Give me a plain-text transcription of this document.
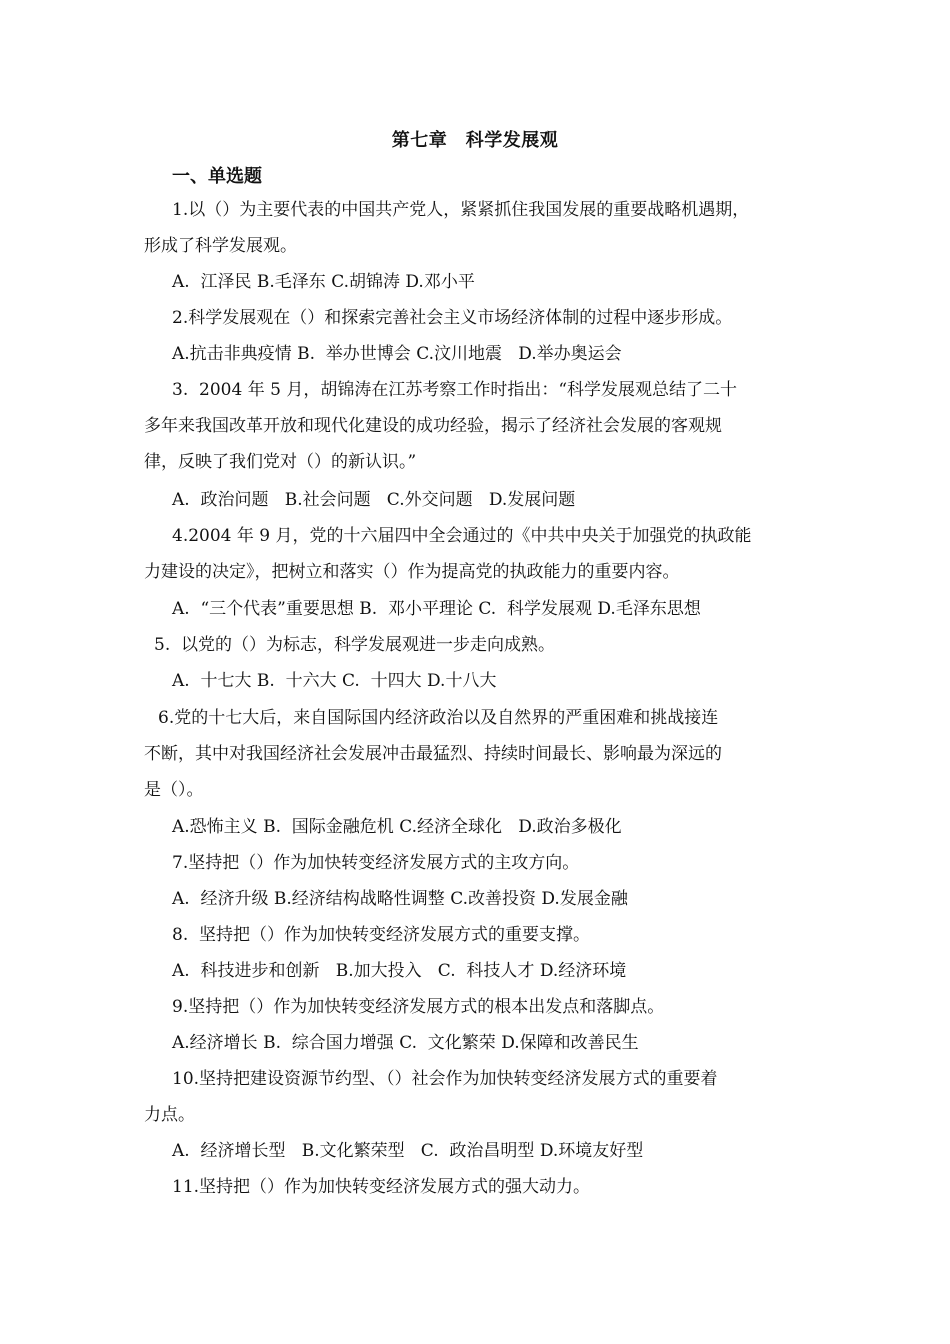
第七章　科学发展观
一、单选题
1.以（）为主要代表的中国共产党人，紧紧抓住我国发展的重要战略机遇期，
形成了科学发展观。
A.  江泽民 B.毛泽东 C.胡锦涛 D.邓小平
2.科学发展观在（）和探索完善社会主义市场经济体制的过程中逐步形成。
A.抗击非典疫情 B.  举办世博会 C.汶川地震   D.举办奥运会
3.  2004 年 5 月，胡锦涛在江苏考察工作时指出：“科学发展观总结了二十
多年来我国改革开放和现代化建设的成功经验，揭示了经济社会发展的客观规
律，反映了我们党对（）的新认识。”
A.  政治问题   B.社会问题   C.外交问题   D.发展问题
4.2004 年 9 月，党的十六届四中全会通过的《中共中央关于加强党的执政能
力建设的决定》，把树立和落实（）作为提高党的执政能力的重要内容。
A.  “三个代表”重要思想 B.  邓小平理论 C.  科学发展观 D.毛泽东思想
5.  以党的（）为标志，科学发展观进一步走向成熟。
A.  十七大 B.  十六大 C.  十四大 D.十八大
6.党的十七大后，来自国际国内经济政治以及自然界的严重困难和挑战接连
不断，其中对我国经济社会发展冲击最猛烈、持续时间最长、影响最为深远的
是（）。
A.恐怖主义 B.  国际金融危机 C.经济全球化   D.政治多极化
7.坚持把（）作为加快转变经济发展方式的主攻方向。
A.  经济升级 B.经济结构战略性调整 C.改善投资 D.发展金融
8.  坚持把（）作为加快转变经济发展方式的重要支撑。
A.  科技进步和创新   B.加大投入   C.  科技人才 D.经济环境
9.坚持把（）作为加快转变经济发展方式的根本出发点和落脚点。
A.经济增长 B.  综合国力增强 C.  文化繁荣 D.保障和改善民生
10.坚持把建设资源节约型、（）社会作为加快转变经济发展方式的重要着
力点。
A.  经济增长型   B.文化繁荣型   C.  政治昌明型 D.环境友好型
11.坚持把（）作为加快转变经济发展方式的强大动力。
